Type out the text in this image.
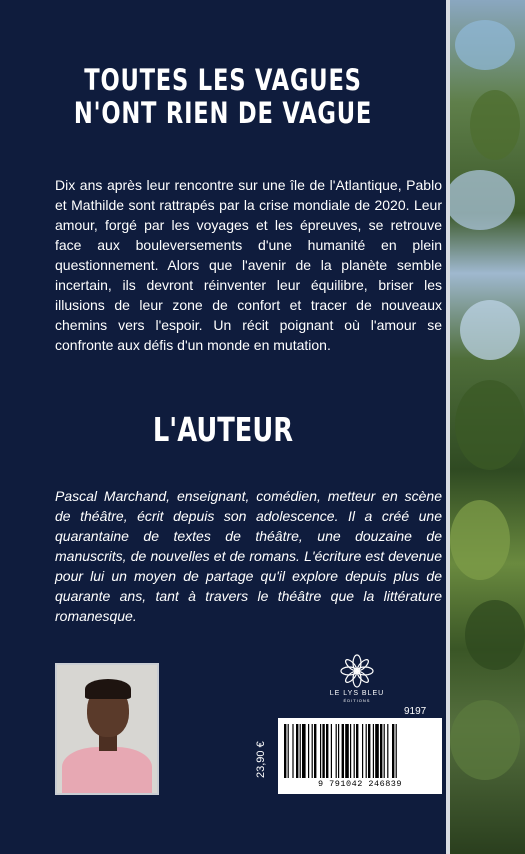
TOUTES LES VAGUES
N'ONT RIEN DE VAGUE
Dix ans après leur rencontre sur une île de l'Atlantique, Pablo et Mathilde sont rattrapés par la crise mondiale de 2020. Leur amour, forgé par les voyages et les épreuves, se retrouve face aux bouleversements d'une humanité en plein questionnement. Alors que l'avenir de la planète semble incertain, ils devront réinventer leur équilibre, briser les illusions de leur zone de confort et tracer de nouveaux chemins vers l'espoir. Un récit poignant où l'amour se confronte aux défis d'un monde en mutation.
L'AUTEUR
Pascal Marchand, enseignant, comédien, metteur en scène de théâtre, écrit depuis son adolescence. Il a créé une quarantaine de textes de théâtre, une douzaine de manuscrits, de nouvelles et de romans. L'écriture est devenue pour lui un moyen de partage qu'il explore depuis plus de quarante ans, tant à travers le théâtre que la littérature romanesque.
LE LYS BLEU
ÉDITIONS
9197
23,90 €
9 791042 246839
